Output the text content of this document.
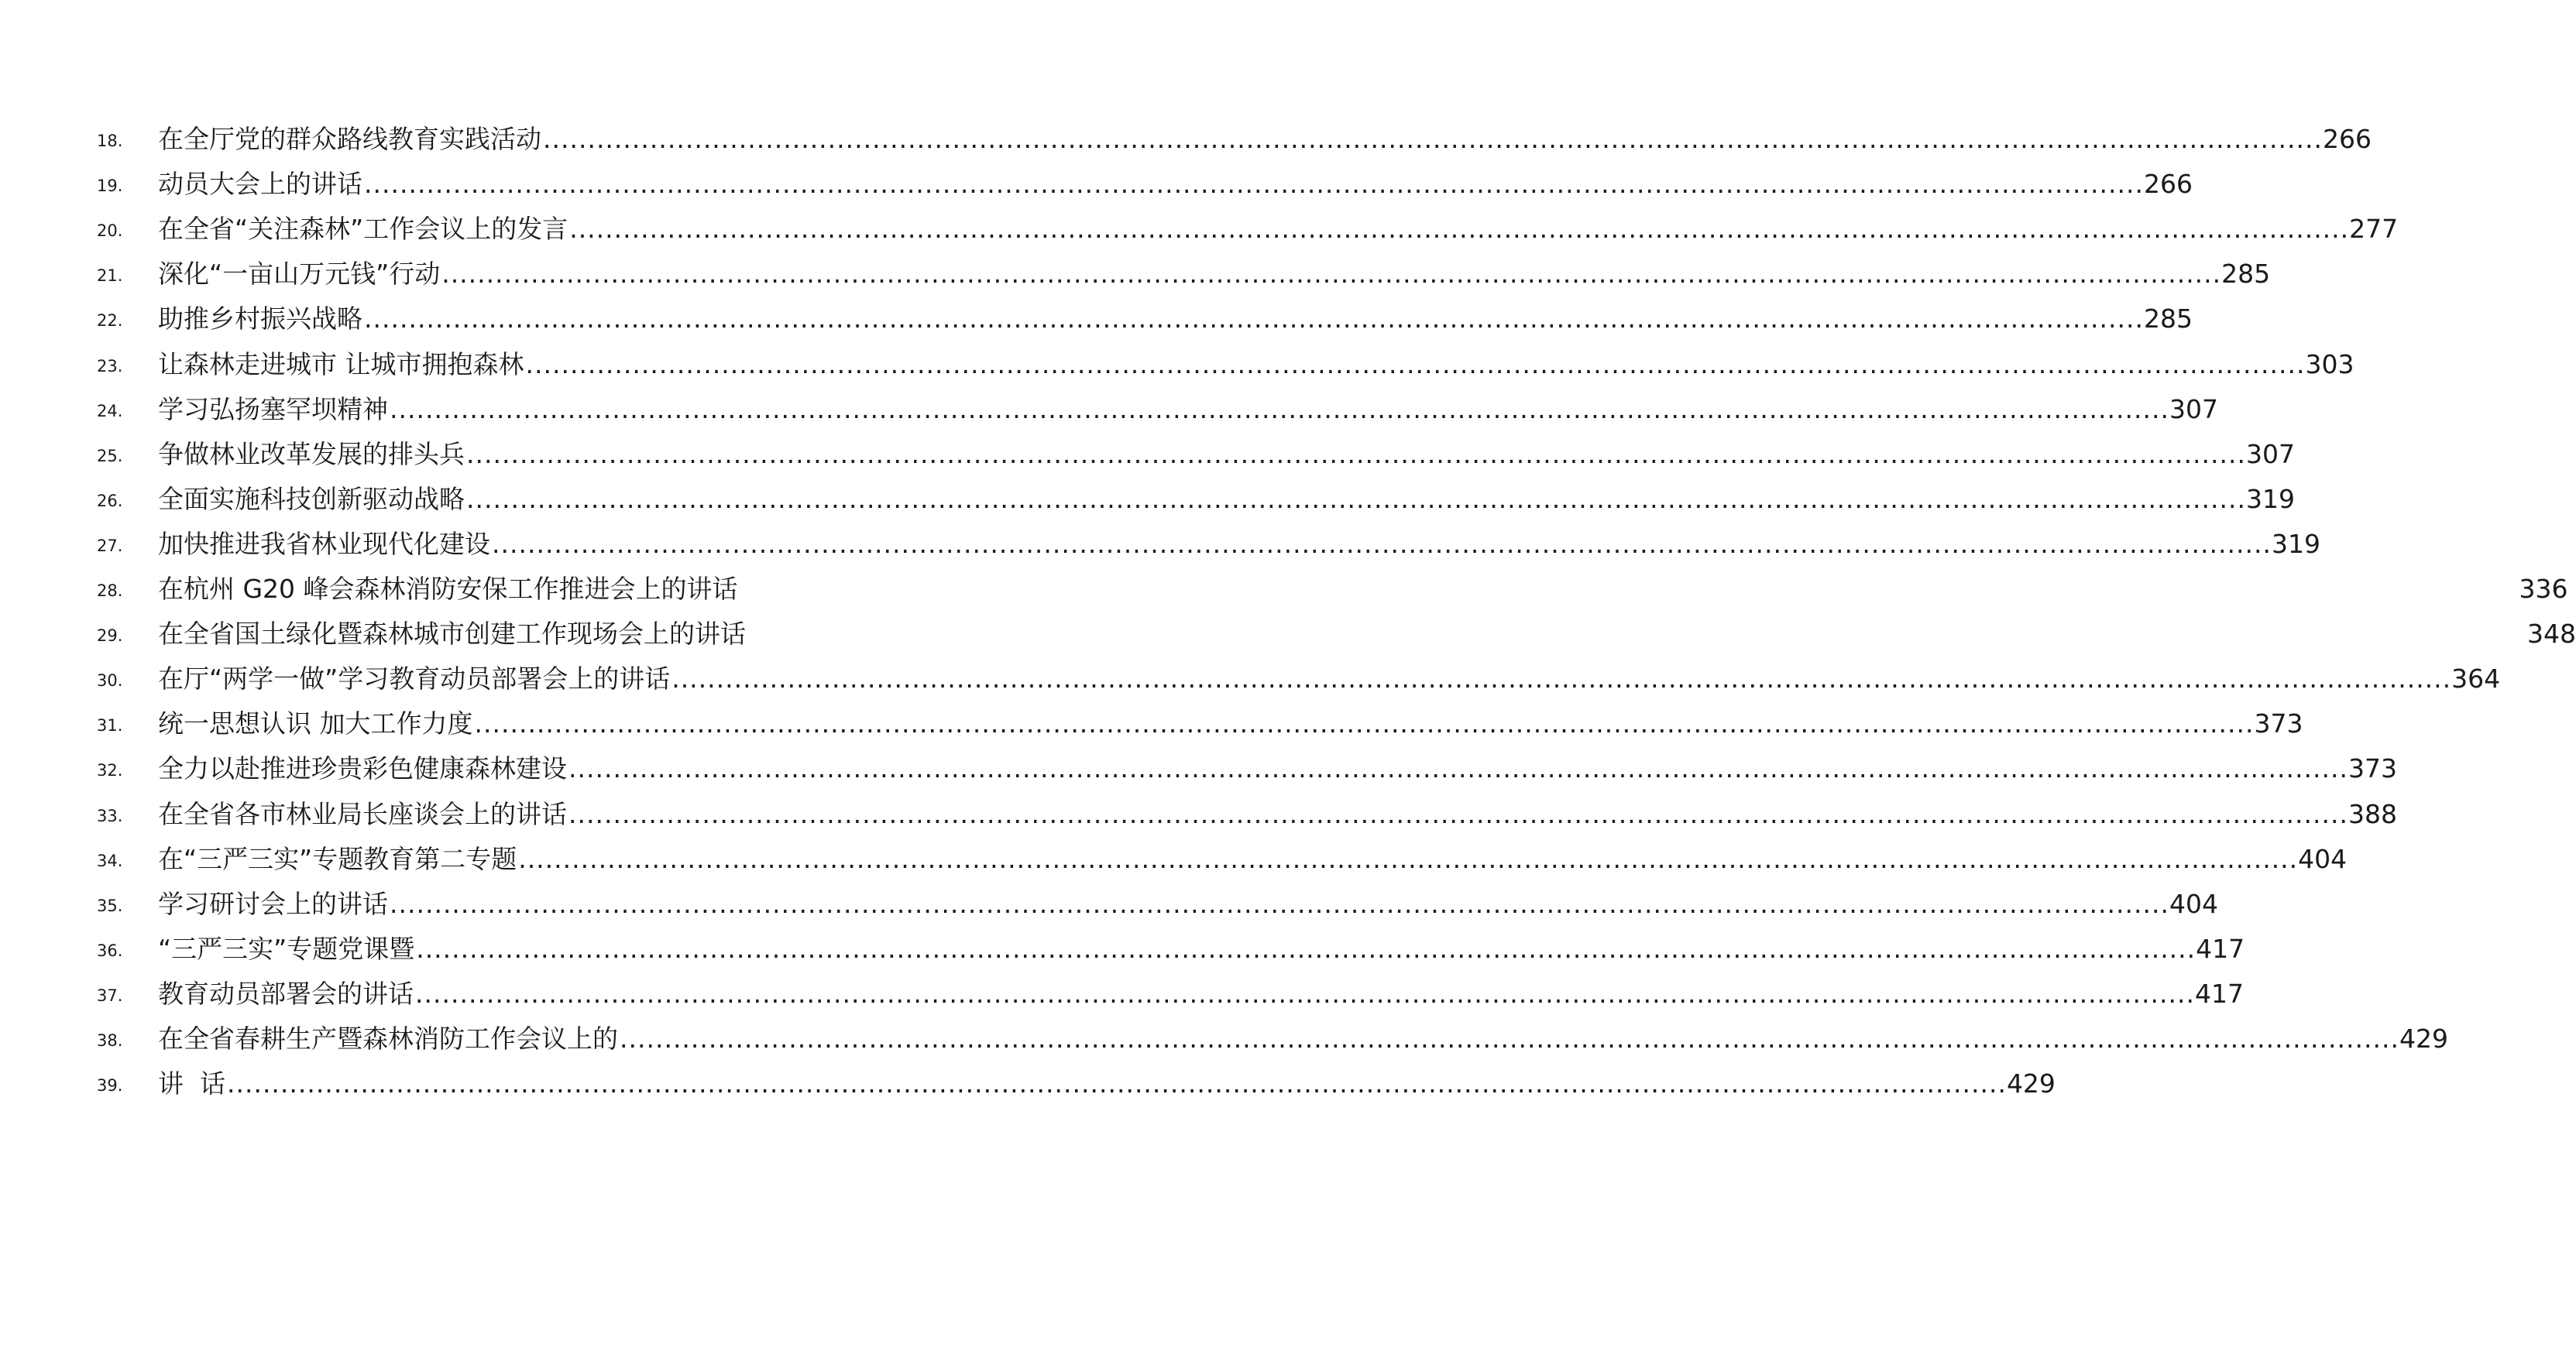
18. 在全厅党的群众路线教育实践活动 ........................................................................................................................................................................................................ 266
19. 动员大会上的讲话 ........................................................................................................................................................................................................ 266
20. 在全省“关注森林”工作会议上的发言 ........................................................................................................................................................................................................ 277
21. 深化“一亩山万元钱”行动 ........................................................................................................................................................................................................ 285
22. 助推乡村振兴战略 ........................................................................................................................................................................................................ 285
23. 让森林走进城市 让城市拥抱森林 ........................................................................................................................................................................................................ 303
24. 学习弘扬塞罕坝精神 ........................................................................................................................................................................................................ 307
25. 争做林业改革发展的排头兵 ........................................................................................................................................................................................................ 307
26. 全面实施科技创新驱动战略 ........................................................................................................................................................................................................ 319
27. 加快推进我省林业现代化建设 ........................................................................................................................................................................................................ 319
28. 在杭州 G20 峰会森林消防安保工作推进会上的讲话	336
29. 在全省国土绿化暨森林城市创建工作现场会上的讲话	348
30. 在厅“两学一做”学习教育动员部署会上的讲话 ........................................................................................................................................................................................................ 364
31. 统一思想认识 加大工作力度 ........................................................................................................................................................................................................ 373
32. 全力以赴推进珍贵彩色健康森林建设 ........................................................................................................................................................................................................ 373
33. 在全省各市林业局长座谈会上的讲话 ........................................................................................................................................................................................................ 388
34. 在“三严三实”专题教育第二专题 ........................................................................................................................................................................................................ 404
35. 学习研讨会上的讲话 ........................................................................................................................................................................................................ 404
36. “三严三实”专题党课暨 ........................................................................................................................................................................................................ 417
37. 教育动员部署会的讲话 ........................................................................................................................................................................................................ 417
38. 在全省春耕生产暨森林消防工作会议上的 ........................................................................................................................................................................................................ 429
39. 讲  话 ........................................................................................................................................................................................................ 429
